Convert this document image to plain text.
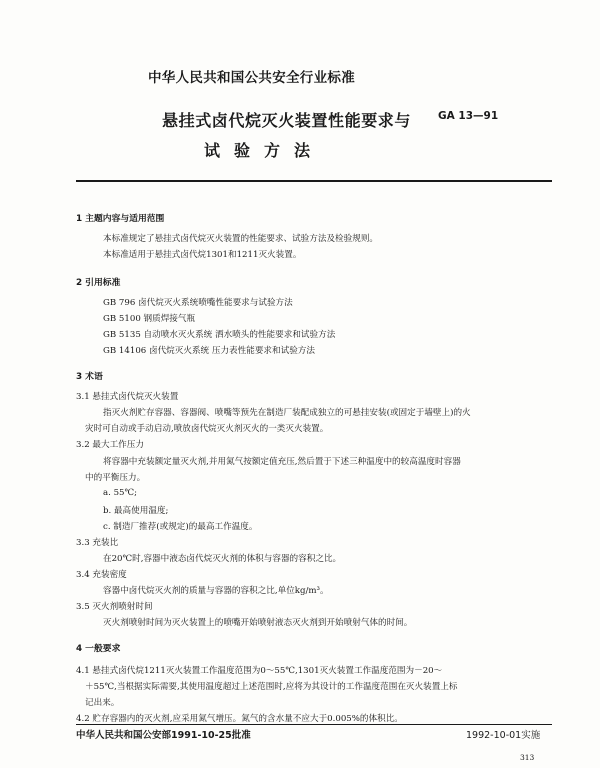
中华人民共和国公共安全行业标准
悬挂式卤代烷灭火装置性能要求与
试验方法
GA 13—91
1 主题内容与适用范围
本标准规定了悬挂式卤代烷灭火装置的性能要求、试验方法及检验规则。
本标准适用于悬挂式卤代烷1301和1211灭火装置。
2 引用标准
GB 796 卤代烷灭火系统喷嘴性能要求与试验方法
GB 5100 钢质焊接气瓶
GB 5135 自动喷水灭火系统 洒水喷头的性能要求和试验方法
GB 14106 卤代烷灭火系统 压力表性能要求和试验方法
3 术语
3.1 悬挂式卤代烷灭火装置
指灭火剂贮存容器、容器阀、喷嘴等预先在制造厂装配成独立的可悬挂安装(或固定于墙壁上)的火
灾时可自动或手动启动,喷放卤代烷灭火剂灭火的一类灭火装置。
3.2 最大工作压力
将容器中充装额定量灭火剂,并用氮气按额定值充压,然后置于下述三种温度中的较高温度时容器
中的平衡压力。
a. 55℃;
b. 最高使用温度;
c. 制造厂推荐(或规定)的最高工作温度。
3.3 充装比
在20℃时,容器中液态卤代烷灭火剂的体积与容器的容积之比。
3.4 充装密度
容器中卤代烷灭火剂的质量与容器的容积之比,单位kg/m³。
3.5 灭火剂喷射时间
灭火剂喷射时间为灭火装置上的喷嘴开始喷射液态灭火剂到开始喷射气体的时间。
4 一般要求
4.1 悬挂式卤代烷1211灭火装置工作温度范围为0～55℃,1301灭火装置工作温度范围为－20～
＋55℃,当根据实际需要,其使用温度超过上述范围时,应将为其设计的工作温度范围在灭火装置上标
记出来。
4.2 贮存容器内的灭火剂,应采用氮气增压。氮气的含水量不应大于0.005%的体积比。
中华人民共和国公安部1991-10-25批准	1992-10-01实施
313
